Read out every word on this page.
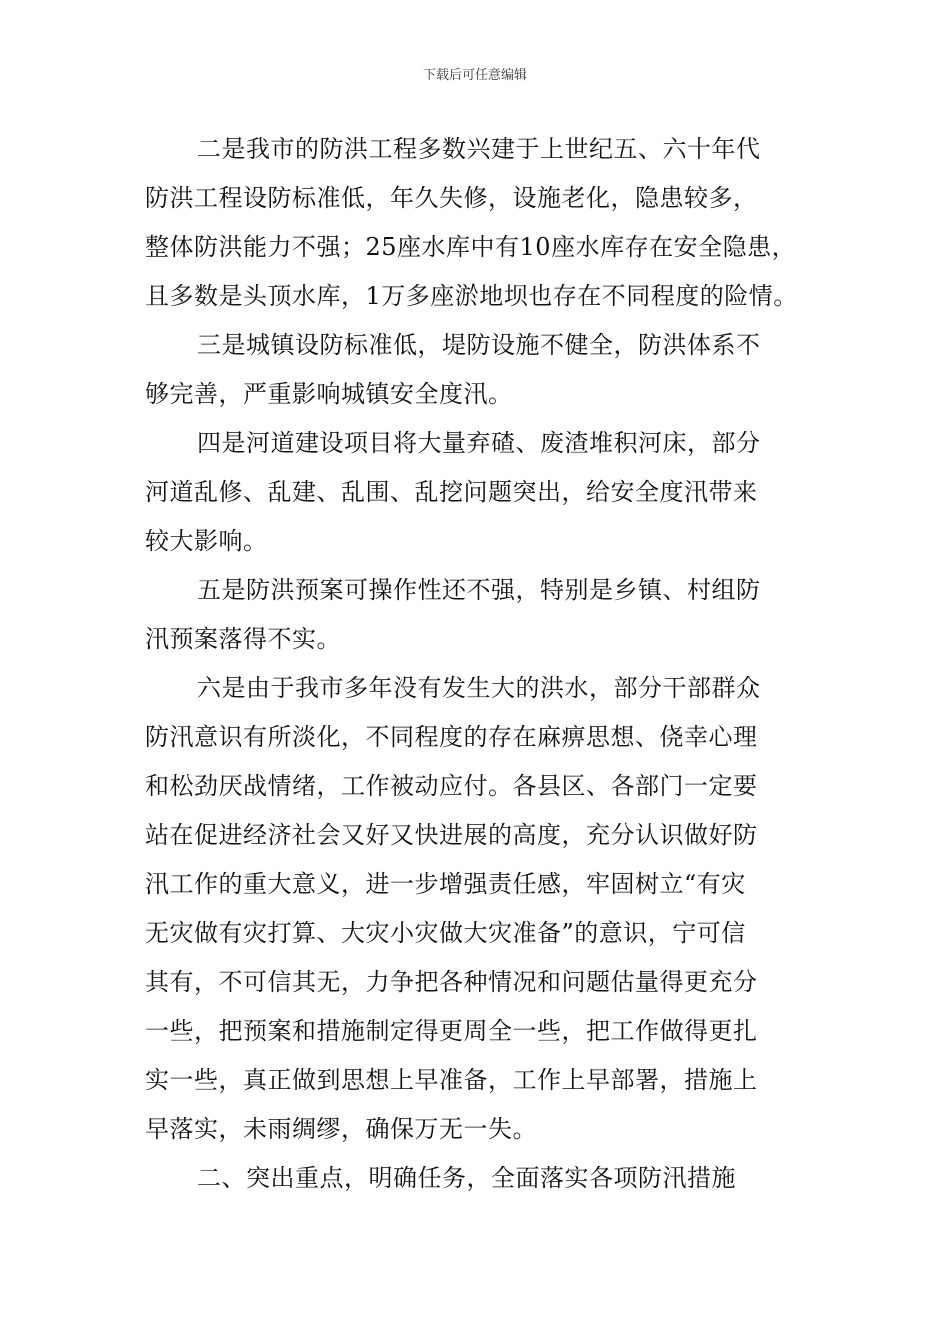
下载后可任意编辑

二是我市的防洪工程多数兴建于上世纪五、六十年代

防洪工程设防标准低，年久失修，设施老化，隐患较多，

整体防洪能力不强；25座水库中有10座水库存在安全隐患，

且多数是头顶水库，1万多座淤地坝也存在不同程度的险情。

三是城镇设防标准低，堤防设施不健全，防洪体系不

够完善，严重影响城镇安全度汛。

四是河道建设项目将大量弃碴、废渣堆积河床，部分

河道乱修、乱建、乱围、乱挖问题突出，给安全度汛带来

较大影响。

五是防洪预案可操作性还不强，特别是乡镇、村组防

汛预案落得不实。

六是由于我市多年没有发生大的洪水，部分干部群众

防汛意识有所淡化，不同程度的存在麻痹思想、侥幸心理

和松劲厌战情绪，工作被动应付。各县区、各部门一定要

站在促进经济社会又好又快进展的高度，充分认识做好防

汛工作的重大意义，进一步增强责任感，牢固树立“有灾

无灾做有灾打算、大灾小灾做大灾准备”的意识，宁可信

其有，不可信其无，力争把各种情况和问题估量得更充分

一些，把预案和措施制定得更周全一些，把工作做得更扎

实一些，真正做到思想上早准备，工作上早部署，措施上

早落实，未雨绸缪，确保万无一失。

二、突出重点，明确任务，全面落实各项防汛措施
